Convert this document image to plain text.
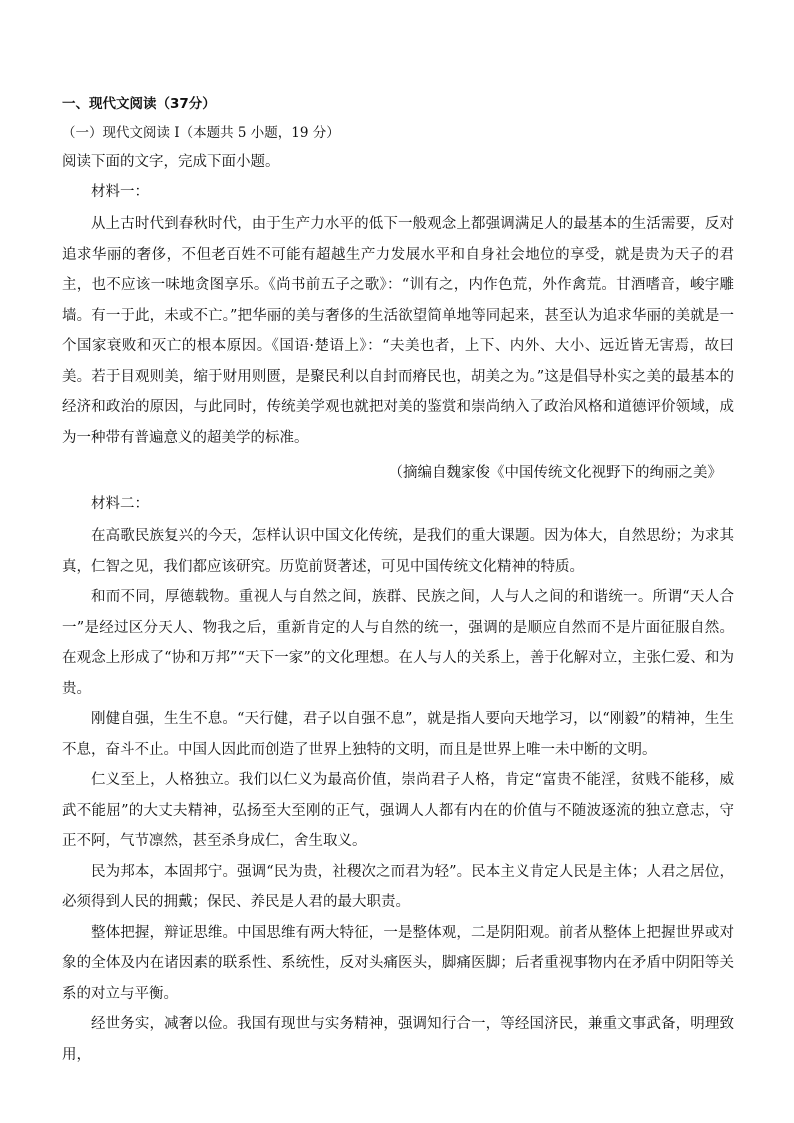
一、现代文阅读（37分）

（一）现代文阅读 I（本题共 5 小题，19 分）

阅读下面的文字，完成下面小题。

材料一：

从上古时代到春秋时代，由于生产力水平的低下一般观念上都强调满足人的最基本的生活需要，反对追求华丽的奢侈，不但老百姓不可能有超越生产力发展水平和自身社会地位的享受，就是贵为天子的君主，也不应该一味地贪图享乐。《尚书前五子之歌》：“训有之，内作色荒，外作禽荒。甘酒嗜音，峻宇雕墙。有一于此，未或不亡。”把华丽的美与奢侈的生活欲望简单地等同起来，甚至认为追求华丽的美就是一个国家衰败和灭亡的根本原因。《国语·楚语上》：“夫美也者，上下、内外、大小、远近皆无害焉，故曰美。若于目观则美，缩于财用则匮，是聚民利以自封而瘠民也，胡美之为。”这是倡导朴实之美的最基本的经济和政治的原因，与此同时，传统美学观也就把对美的鉴赏和崇尚纳入了政治风格和道德评价领域，成为一种带有普遍意义的超美学的标准。

（摘编自魏家俊《中国传统文化视野下的绚丽之美》

材料二：

在高歌民族复兴的今天，怎样认识中国文化传统，是我们的重大课题。因为体大，自然思纷；为求其真，仁智之见，我们都应该研究。历览前贤著述，可见中国传统文化精神的特质。

和而不同，厚德载物。重视人与自然之间，族群、民族之间，人与人之间的和谐统一。所谓“天人合一”是经过区分天人、物我之后，重新肯定的人与自然的统一，强调的是顺应自然而不是片面征服自然。在观念上形成了“协和万邦”“天下一家”的文化理想。在人与人的关系上，善于化解对立，主张仁爱、和为贵。

刚健自强，生生不息。“天行健，君子以自强不息”，就是指人要向天地学习，以“刚毅”的精神，生生不息，奋斗不止。中国人因此而创造了世界上独特的文明，而且是世界上唯一未中断的文明。

仁义至上，人格独立。我们以仁义为最高价值，崇尚君子人格，肯定“富贵不能淫，贫贱不能移，威武不能屈”的大丈夫精神，弘扬至大至刚的正气，强调人人都有内在的价值与不随波逐流的独立意志，守正不阿，气节凛然，甚至杀身成仁，舍生取义。

民为邦本，本固邦宁。强调“民为贵，社稷次之而君为轻”。民本主义肯定人民是主体；人君之居位，必须得到人民的拥戴；保民、养民是人君的最大职责。

整体把握，辩证思维。中国思维有两大特征，一是整体观，二是阴阳观。前者从整体上把握世界或对象的全体及内在诸因素的联系性、系统性，反对头痛医头，脚痛医脚；后者重视事物内在矛盾中阴阳等关系的对立与平衡。

经世务实，减奢以俭。我国有现世与实务精神，强调知行合一，等经国济民，兼重文事武备，明理致用，
